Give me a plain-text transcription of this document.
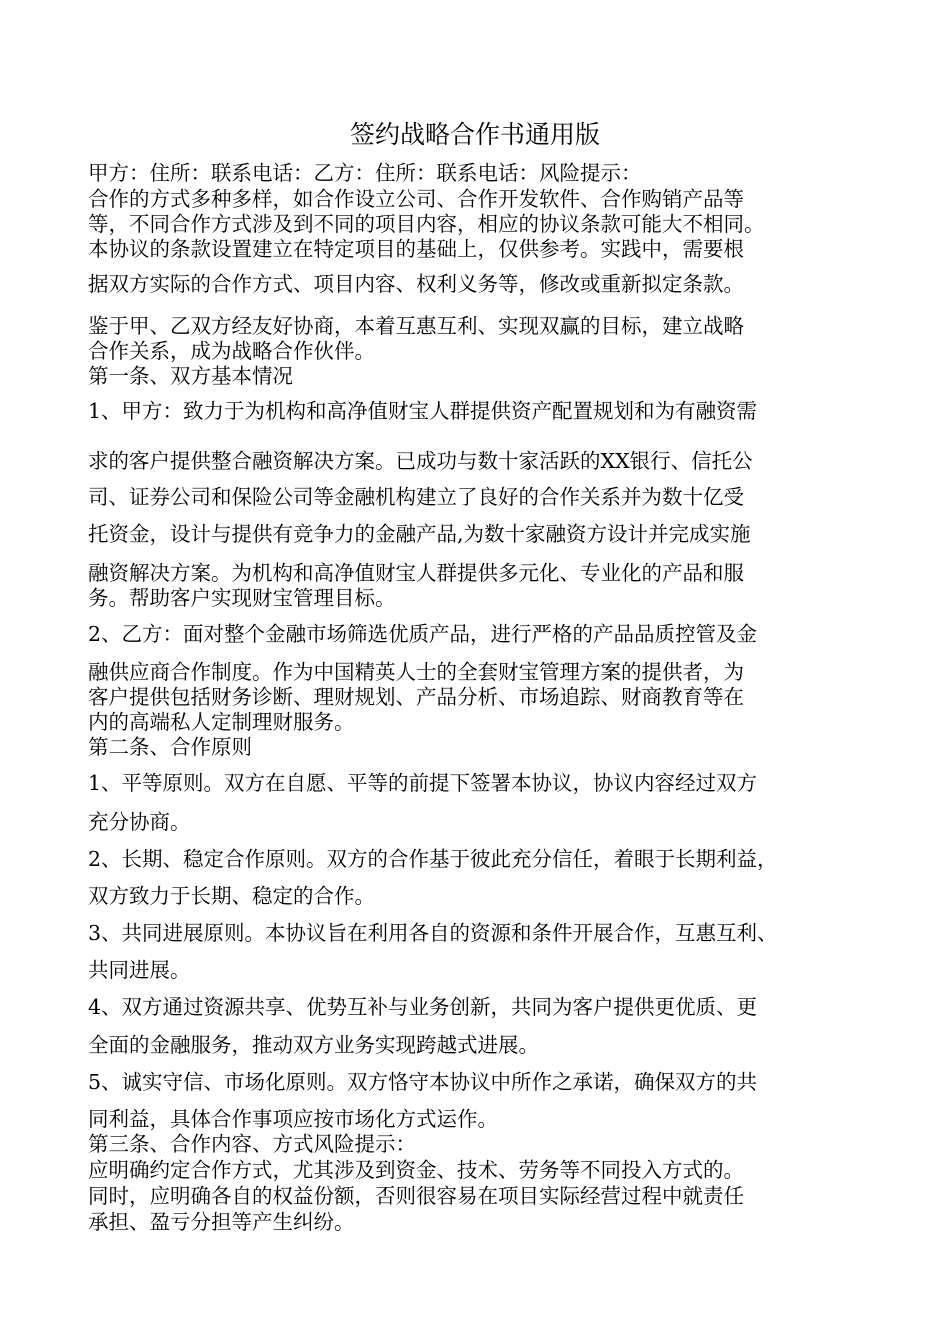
签约战略合作书通用版
甲方：住所：联系电话：乙方：住所：联系电话：风险提示：
合作的方式多种多样，如合作设立公司、合作开发软件、合作购销产品等
等，不同合作方式涉及到不同的项目内容，相应的协议条款可能大不相同。
本协议的条款设置建立在特定项目的基础上，仅供参考。实践中，需要根
据双方实际的合作方式、项目内容、权利义务等，修改或重新拟定条款。
鉴于甲、乙双方经友好协商，本着互惠互利、实现双赢的目标，建立战略
合作关系，成为战略合作伙伴。
第一条、双方基本情况
1、甲方：致力于为机构和高净值财宝人群提供资产配置规划和为有融资需
求的客户提供整合融资解决方案。已成功与数十家活跃的XX银行、信托公
司、证券公司和保险公司等金融机构建立了良好的合作关系并为数十亿受
托资金，设计与提供有竞争力的金融产品,为数十家融资方设计并完成实施
融资解决方案。为机构和高净值财宝人群提供多元化、专业化的产品和服
务。帮助客户实现财宝管理目标。
2、乙方：面对整个金融市场筛选优质产品，进行严格的产品品质控管及金
融供应商合作制度。作为中国精英人士的全套财宝管理方案的提供者，为
客户提供包括财务诊断、理财规划、产品分析、市场追踪、财商教育等在
内的高端私人定制理财服务。
第二条、合作原则
1、平等原则。双方在自愿、平等的前提下签署本协议，协议内容经过双方
充分协商。
2、长期、稳定合作原则。双方的合作基于彼此充分信任，着眼于长期利益，
双方致力于长期、稳定的合作。
3、共同进展原则。本协议旨在利用各自的资源和条件开展合作，互惠互利、
共同进展。
4、双方通过资源共享、优势互补与业务创新，共同为客户提供更优质、更
全面的金融服务，推动双方业务实现跨越式进展。
5、诚实守信、市场化原则。双方恪守本协议中所作之承诺，确保双方的共
同利益，具体合作事项应按市场化方式运作。
第三条、合作内容、方式风险提示：
应明确约定合作方式，尤其涉及到资金、技术、劳务等不同投入方式的。
同时，应明确各自的权益份额，否则很容易在项目实际经营过程中就责任
承担、盈亏分担等产生纠纷。
